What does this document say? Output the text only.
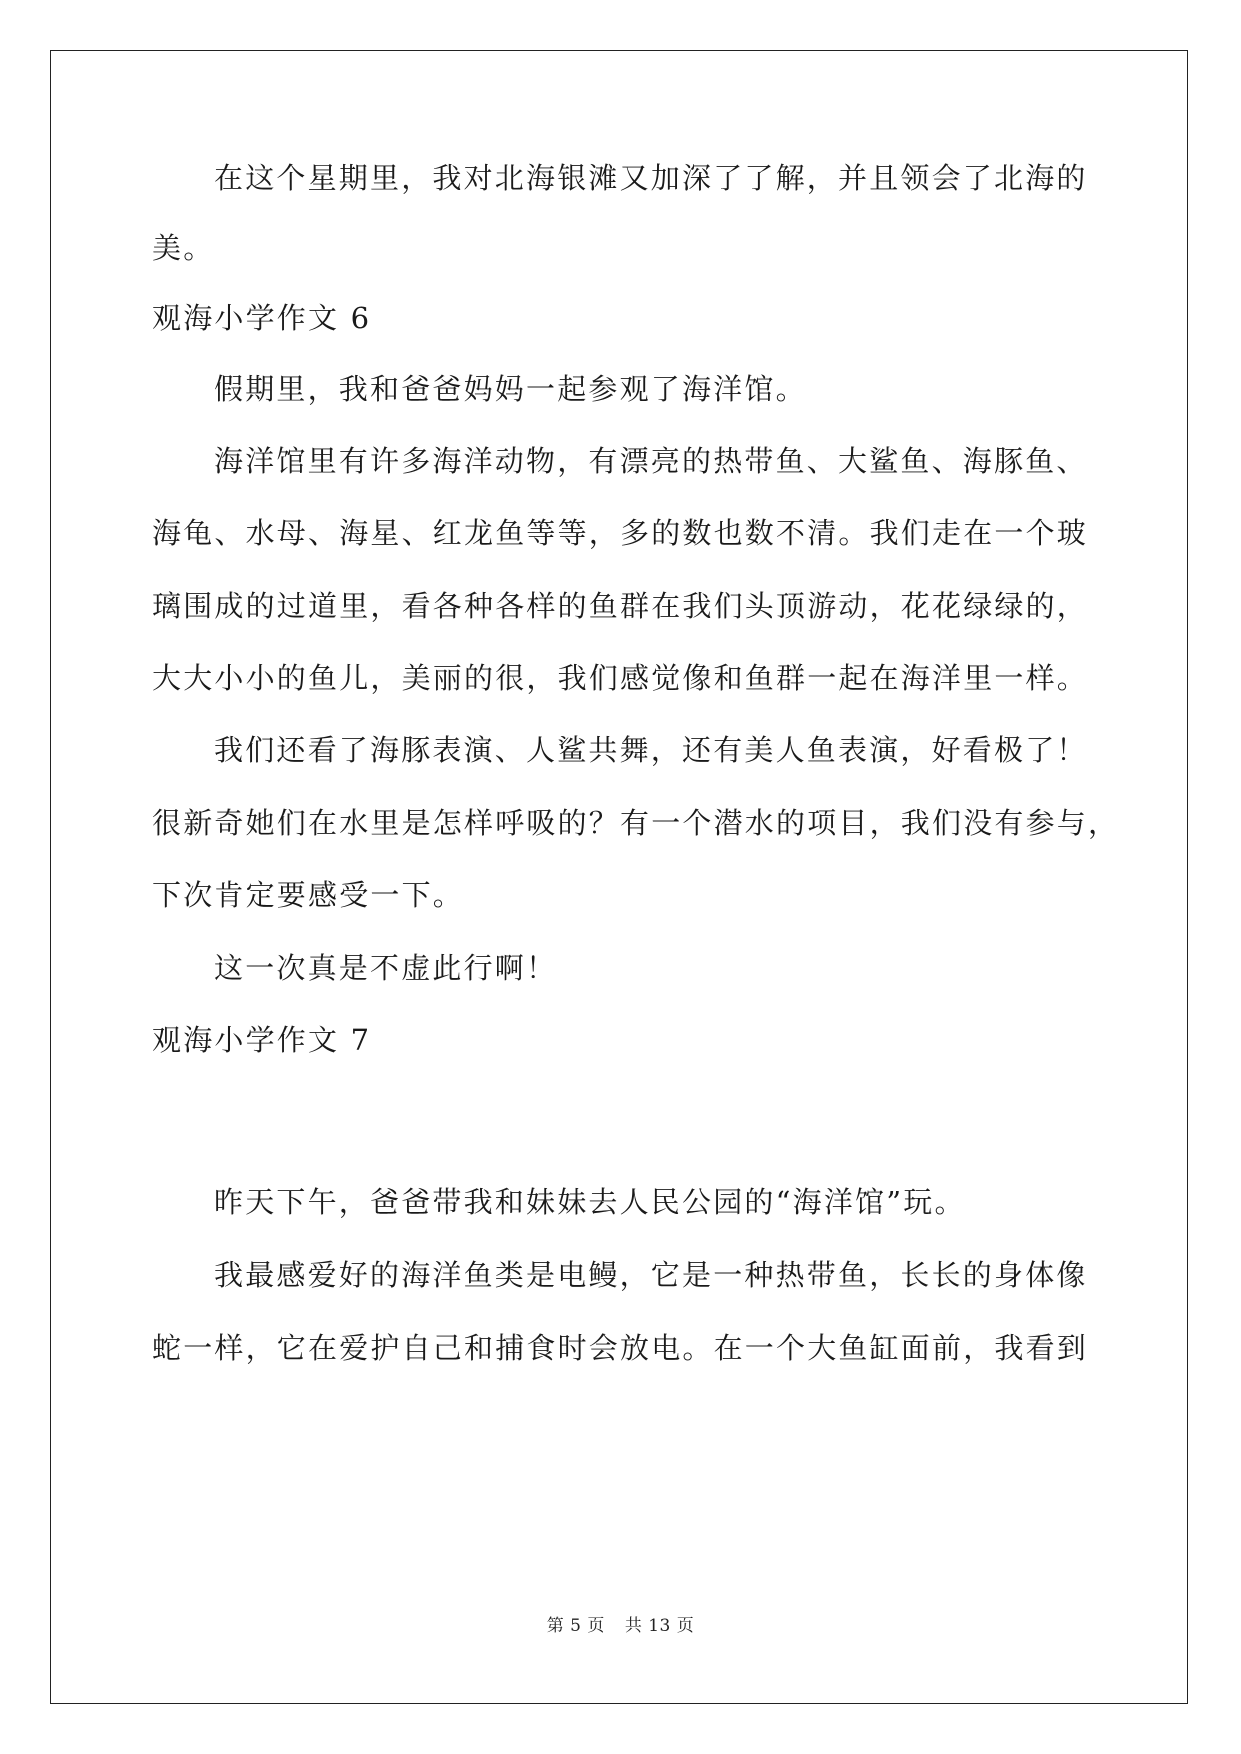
在这个星期里，我对北海银滩又加深了了解，并且领会了北海的
美。
观海小学作文 6
假期里，我和爸爸妈妈一起参观了海洋馆。
海洋馆里有许多海洋动物，有漂亮的热带鱼、大鲨鱼、海豚鱼、
海龟、水母、海星、红龙鱼等等，多的数也数不清。我们走在一个玻
璃围成的过道里，看各种各样的鱼群在我们头顶游动，花花绿绿的，
大大小小的鱼儿，美丽的很，我们感觉像和鱼群一起在海洋里一样。
我们还看了海豚表演、人鲨共舞，还有美人鱼表演，好看极了！
很新奇她们在水里是怎样呼吸的？有一个潜水的项目，我们没有参与，
下次肯定要感受一下。
这一次真是不虚此行啊！
观海小学作文 7
昨天下午，爸爸带我和妹妹去人民公园的“海洋馆”玩。
我最感爱好的海洋鱼类是电鳗，它是一种热带鱼，长长的身体像
蛇一样，它在爱护自己和捕食时会放电。在一个大鱼缸面前，我看到
第 5 页 共 13 页
